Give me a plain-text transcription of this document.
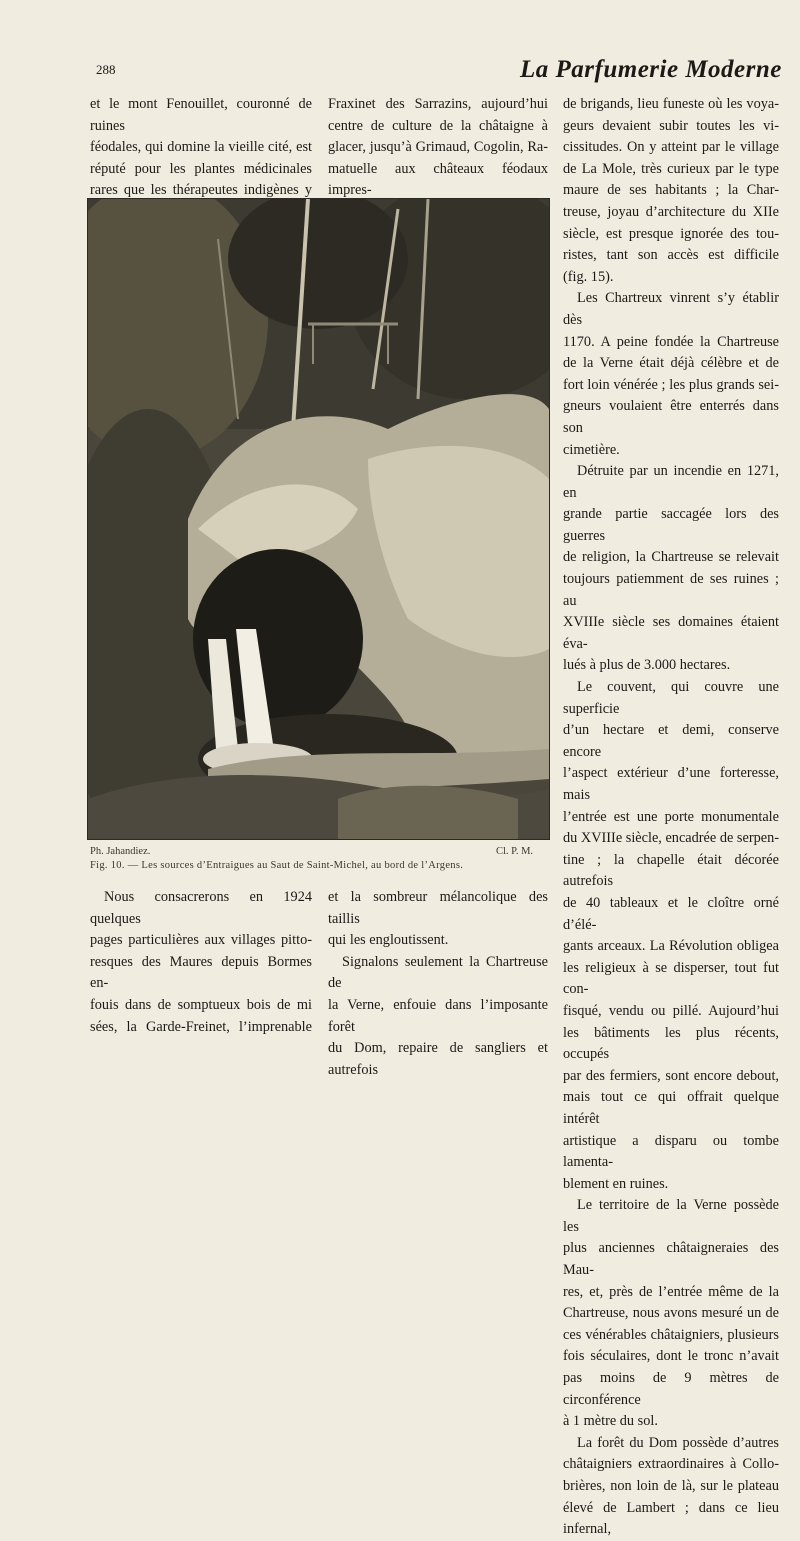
288	La Parfumerie Moderne

et le mont Fenouillet, couronné de ruines

féodales, qui domine la vieille cité, est

réputé pour les plantes médicinales

rares que les thérapeutes indigènes y

Fraxinet des Sarrazins, aujourd’hui

centre de culture de la châtaigne à

glacer, jusqu’à Grimaud, Cogolin, Ra-

matuelle aux châteaux féodaux impres-

de brigands, lieu funeste où les voya-

geurs devaient subir toutes les vi-

cissitudes. On y atteint par le village

de La Mole, très curieux par le type

maure de ses habitants ; la Char-

treuse, joyau d’architecture du XIIe

siècle, est presque ignorée des tou-

ristes, tant son accès est difficile

(fig. 15).

Les Chartreux vinrent s’y établir dès

1170. A peine fondée la Chartreuse

de la Verne était déjà célèbre et de

fort loin vénérée ; les plus grands sei-

gneurs voulaient être enterrés dans son

cimetière.

Détruite par un incendie en 1271, en

grande partie saccagée lors des guerres

de religion, la Chartreuse se relevait

toujours patiemment de ses ruines ; au

XVIIIe siècle ses domaines étaient éva-

lués à plus de 3.000 hectares.

Le couvent, qui couvre une superficie

d’un hectare et demi, conserve encore

l’aspect extérieur d’une forteresse, mais

l’entrée est une porte monumentale

du XVIIIe siècle, encadrée de serpen-

tine ; la chapelle était décorée autrefois

de 40 tableaux et le cloître orné d’élé-

gants arceaux. La Révolution obligea

les religieux à se disperser, tout fut con-

fisqué, vendu ou pillé. Aujourd’hui

les bâtiments les plus récents, occupés

par des fermiers, sont encore debout,

mais tout ce qui offrait quelque intérêt

artistique a disparu ou tombe lamenta-

blement en ruines.

Le territoire de la Verne possède les

plus anciennes châtaigneraies des Mau-

res, et, près de l’entrée même de la

Chartreuse, nous avons mesuré un de

ces vénérables châtaigniers, plusieurs

fois séculaires, dont le tronc n’avait

pas moins de 9 mètres de circonférence

à 1 mètre du sol.

La forêt du Dom possède d’autres

châtaigniers extraordinaires à Collo-

brières, non loin de là, sur le plateau

élevé de Lambert ; dans ce lieu infernal,

Ph. Jahandiez.	Cl. P. M.
Fig. 10. — Les sources d’Entraigues au Saut de Saint-Michel, au bord de l’Argens.

Nous consacrerons en 1924 quelques

pages particulières aux villages pitto-

resques des Maures depuis Bormes en-

fouis dans de somptueux bois de mi

sées, la Garde-Freinet, l’imprenable

et la sombreur mélancolique des taillis

qui les engloutissent.

Signalons seulement la Chartreuse de

la Verne, enfouie dans l’imposante forêt

du Dom, repaire de sangliers et autrefois
